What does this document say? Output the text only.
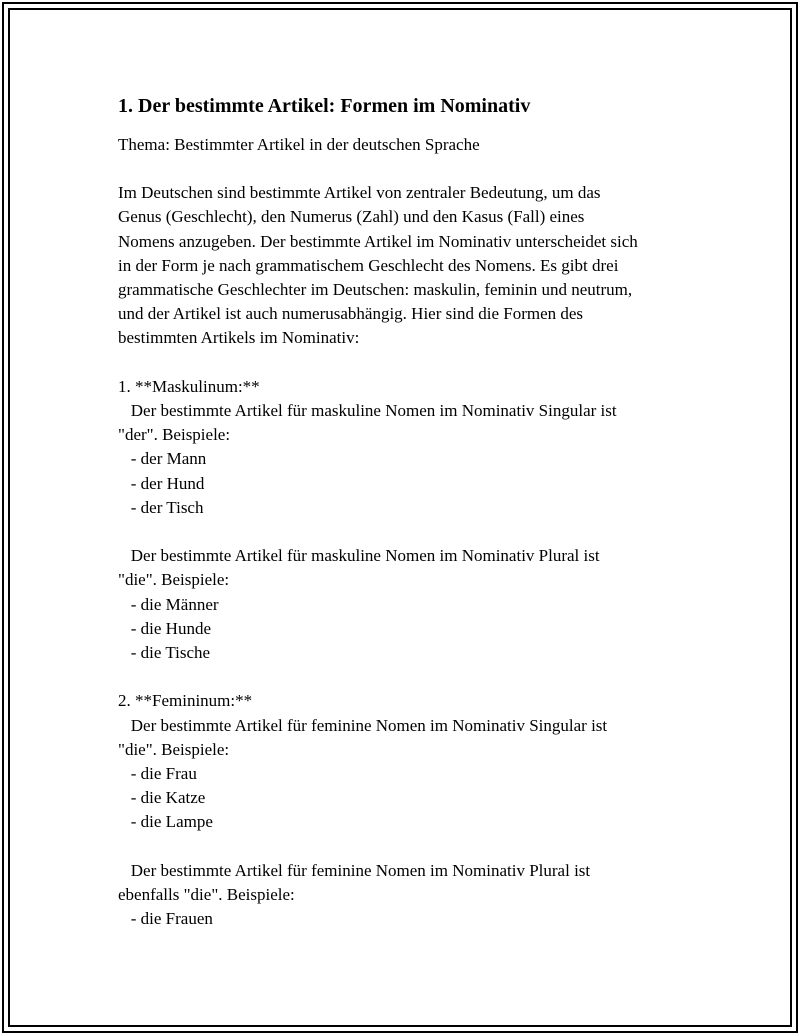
1. Der bestimmte Artikel: Formen im Nominativ

Thema: Bestimmter Artikel in der deutschen Sprache

Im Deutschen sind bestimmte Artikel von zentraler Bedeutung, um das
Genus (Geschlecht), den Numerus (Zahl) und den Kasus (Fall) eines
Nomens anzugeben. Der bestimmte Artikel im Nominativ unterscheidet sich
in der Form je nach grammatischem Geschlecht des Nomens. Es gibt drei
grammatische Geschlechter im Deutschen: maskulin, feminin und neutrum,
und der Artikel ist auch numerusabhängig. Hier sind die Formen des
bestimmten Artikels im Nominativ:

1. **Maskulinum:**
Der bestimmte Artikel für maskuline Nomen im Nominativ Singular ist
"der". Beispiele:
- der Mann
- der Hund
- der Tisch

Der bestimmte Artikel für maskuline Nomen im Nominativ Plural ist
"die". Beispiele:
- die Männer
- die Hunde
- die Tische

2. **Femininum:**
Der bestimmte Artikel für feminine Nomen im Nominativ Singular ist
"die". Beispiele:
- die Frau
- die Katze
- die Lampe

Der bestimmte Artikel für feminine Nomen im Nominativ Plural ist
ebenfalls "die". Beispiele:
- die Frauen
